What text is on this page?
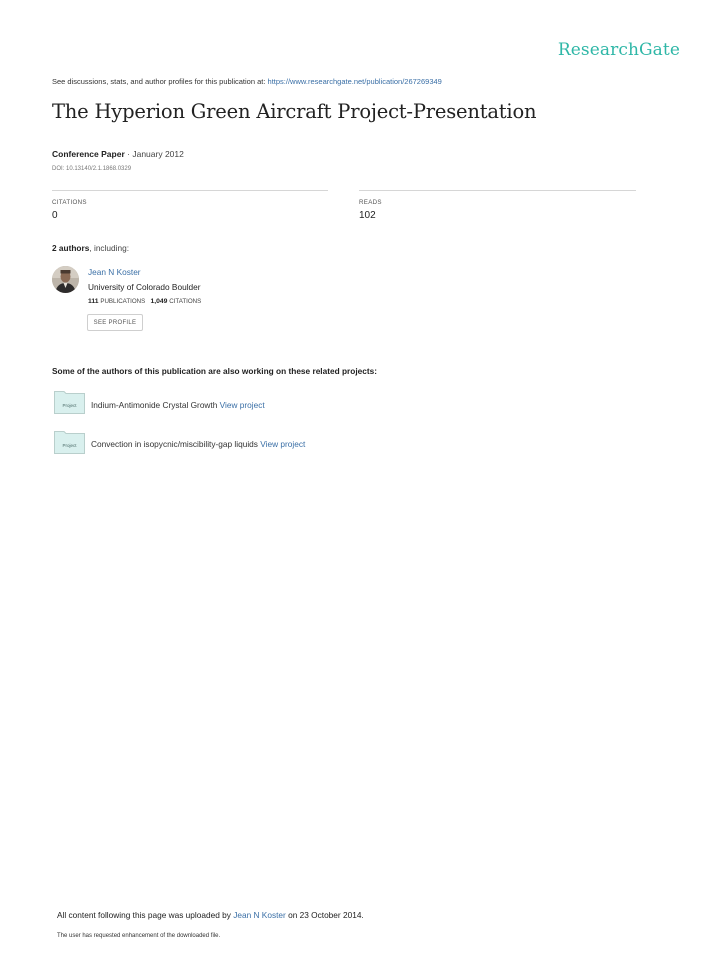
ResearchGate
See discussions, stats, and author profiles for this publication at: https://www.researchgate.net/publication/267269349
The Hyperion Green Aircraft Project-Presentation
Conference Paper · January 2012
DOI: 10.13140/2.1.1868.0329
CITATIONS
0
READS
102
2 authors, including:
Jean N Koster
University of Colorado Boulder
111 PUBLICATIONS 1,049 CITATIONS
SEE PROFILE
Some of the authors of this publication are also working on these related projects:
Project Indium-Antimonide Crystal Growth View project
Project Convection in isopycnic/miscibility-gap liquids View project
All content following this page was uploaded by Jean N Koster on 23 October 2014.
The user has requested enhancement of the downloaded file.
